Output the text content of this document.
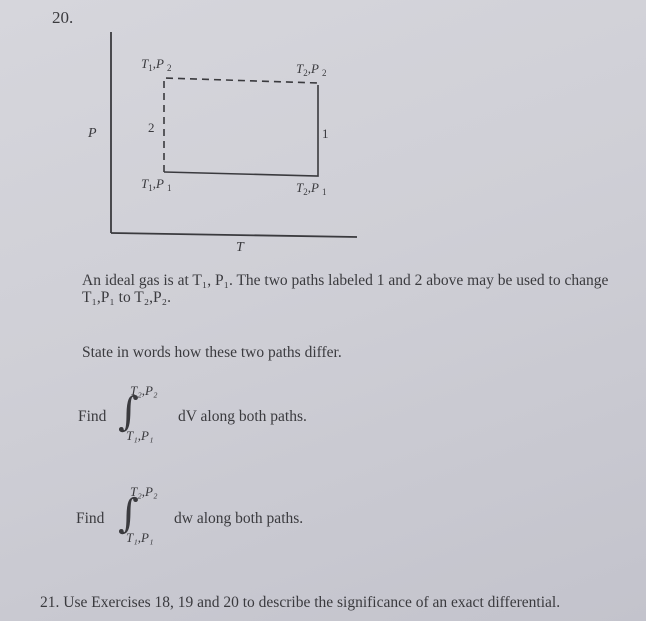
20.
P
T
2	1
$T_1,P$ $_2$	$T_2,P$ $_2$
$T_1,P$ $_1$	$T_2,P$ $_1$
An ideal gas is at T₁, P₁. The two paths labeled 1 and 2 above may be used to change T₁,P₁ to T₂,P₂.
State in words how these two paths differ.
Find ∫
T₂,P₂
T₁,P₁
dV along both paths.
Find ∫
T₂,P₂
T₁,P₁
dw along both paths.
21. Use Exercises 18, 19 and 20 to describe the significance of an exact differential.
